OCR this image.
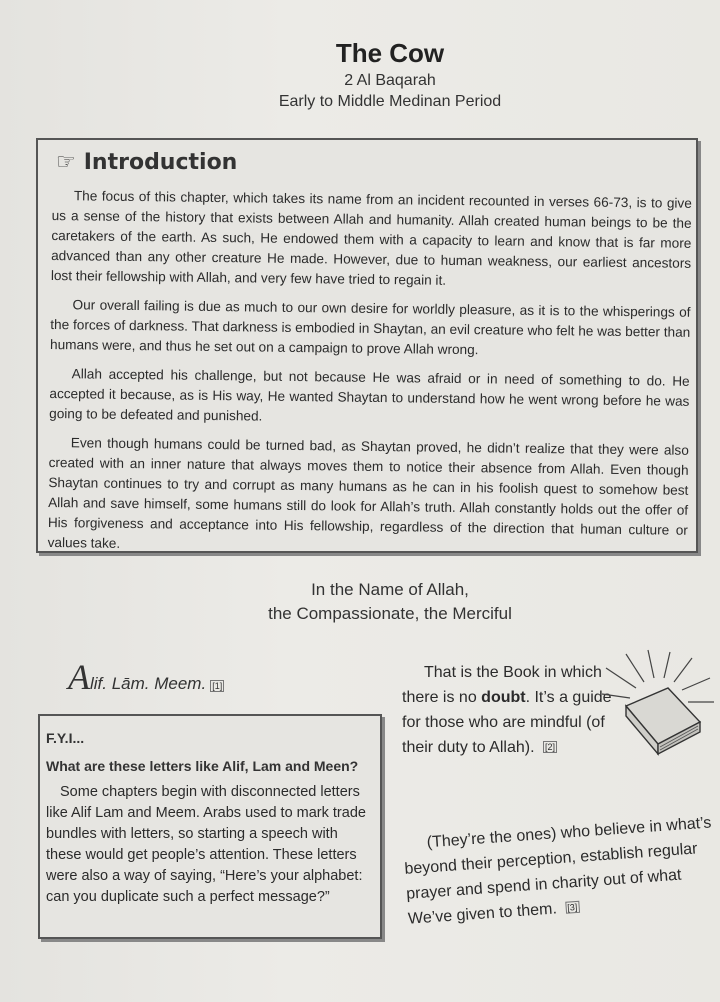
The Cow
2 Al Baqarah
Early to Middle Medinan Period
☞ Introduction

The focus of this chapter, which takes its name from an incident recounted in verses 66-73, is to give us a sense of the history that exists between Allah and humanity. Allah created human beings to be the caretakers of the earth. As such, He endowed them with a capacity to learn and know that is far more advanced than any other creature He made. However, due to human weakness, our earliest ancestors lost their fellowship with Allah, and very few have tried to regain it.

Our overall failing is due as much to our own desire for worldly pleasure, as it is to the whisperings of the forces of darkness. That darkness is embodied in Shaytan, an evil creature who felt he was better than humans were, and thus he set out on a campaign to prove Allah wrong.

Allah accepted his challenge, but not because He was afraid or in need of something to do. He accepted it because, as is His way, He wanted Shaytan to understand how he went wrong before he was going to be defeated and punished.

Even though humans could be turned bad, as Shaytan proved, he didn’t realize that they were also created with an inner nature that always moves them to notice their absence from Allah. Even though Shaytan continues to try and corrupt as many humans as he can in his foolish quest to somehow best Allah and save himself, some humans still do look for Allah’s truth. Allah constantly holds out the offer of His forgiveness and acceptance into His fellowship, regardless of the direction that human culture or values take.

In the Name of Allah,
the Compassionate, the Merciful
A lif. Lām. Meem. [1]
F.Y.I...
What are these letters like Alif, Lam and Meen?
Some chapters begin with disconnected letters like Alif Lam and Meem. Arabs used to mark trade bundles with letters, so starting a speech with these would get people’s attention. These letters were also a way of saying, “Here’s your alphabet: can you duplicate such a perfect message?”
That is the Book in which there is no doubt. It’s a guide for those who are mindful (of their duty to Allah). [2]
(They’re the ones) who believe in what’s beyond their perception, establish regular prayer and spend in charity out of what We’ve given to them. [3]
